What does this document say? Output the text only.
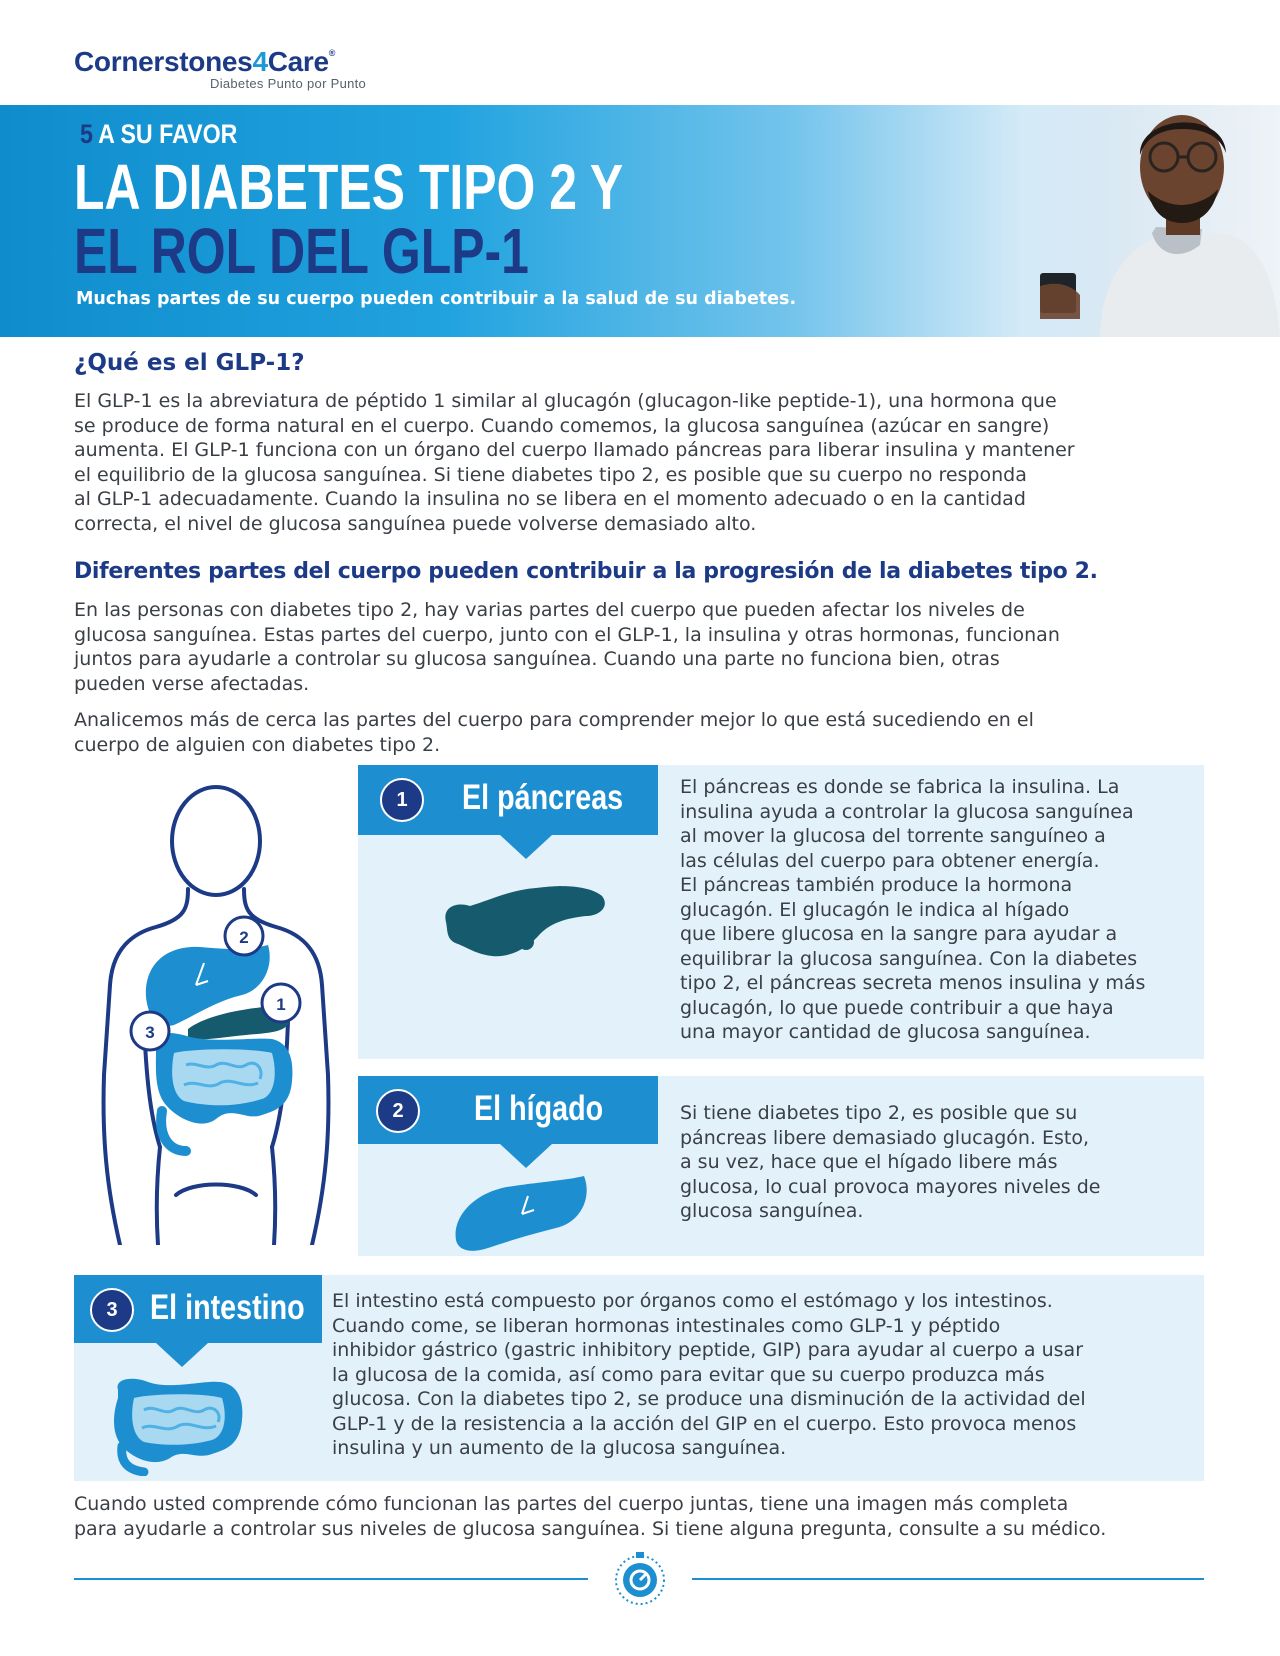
Cornerstones4Care®
Diabetes Punto por Punto
5 A SU FAVOR
LA DIABETES TIPO 2 Y
EL ROL DEL GLP-1
Muchas partes de su cuerpo pueden contribuir a la salud de su diabetes.
¿Qué es el GLP-1?
El GLP-1 es la abreviatura de péptido 1 similar al glucagón (glucagon-like peptide-1), una hormona que
se produce de forma natural en el cuerpo. Cuando comemos, la glucosa sanguínea (azúcar en sangre)
aumenta. El GLP-1 funciona con un órgano del cuerpo llamado páncreas para liberar insulina y mantener
el equilibrio de la glucosa sanguínea. Si tiene diabetes tipo 2, es posible que su cuerpo no responda
al GLP-1 adecuadamente. Cuando la insulina no se libera en el momento adecuado o en la cantidad
correcta, el nivel de glucosa sanguínea puede volverse demasiado alto.
Diferentes partes del cuerpo pueden contribuir a la progresión de la diabetes tipo 2.
En las personas con diabetes tipo 2, hay varias partes del cuerpo que pueden afectar los niveles de
glucosa sanguínea. Estas partes del cuerpo, junto con el GLP-1, la insulina y otras hormonas, funcionan
juntos para ayudarle a controlar su glucosa sanguínea. Cuando una parte no funciona bien, otras
pueden verse afectadas.
Analicemos más de cerca las partes del cuerpo para comprender mejor lo que está sucediendo en el
cuerpo de alguien con diabetes tipo 2.
2
1
3
1	El páncreas	El páncreas es donde se fabrica la insulina. La
insulina ayuda a controlar la glucosa sanguínea
al mover la glucosa del torrente sanguíneo a
las células del cuerpo para obtener energía.
El páncreas también produce la hormona
glucagón. El glucagón le indica al hígado
que libere glucosa en la sangre para ayudar a
equilibrar la glucosa sanguínea. Con la diabetes
tipo 2, el páncreas secreta menos insulina y más
glucagón, lo que puede contribuir a que haya
una mayor cantidad de glucosa sanguínea.
2	El hígado	Si tiene diabetes tipo 2, es posible que su
páncreas libere demasiado glucagón. Esto,
a su vez, hace que el hígado libere más
glucosa, lo cual provoca mayores niveles de
glucosa sanguínea.
3 El intestino El intestino está compuesto por órganos como el estómago y los intestinos.
Cuando come, se liberan hormonas intestinales como GLP-1 y péptido
inhibidor gástrico (gastric inhibitory peptide, GIP) para ayudar al cuerpo a usar
la glucosa de la comida, así como para evitar que su cuerpo produzca más
glucosa. Con la diabetes tipo 2, se produce una disminución de la actividad del
GLP-1 y de la resistencia a la acción del GIP en el cuerpo. Esto provoca menos
insulina y un aumento de la glucosa sanguínea.
Cuando usted comprende cómo funcionan las partes del cuerpo juntas, tiene una imagen más completa
para ayudarle a controlar sus niveles de glucosa sanguínea. Si tiene alguna pregunta, consulte a su médico.
